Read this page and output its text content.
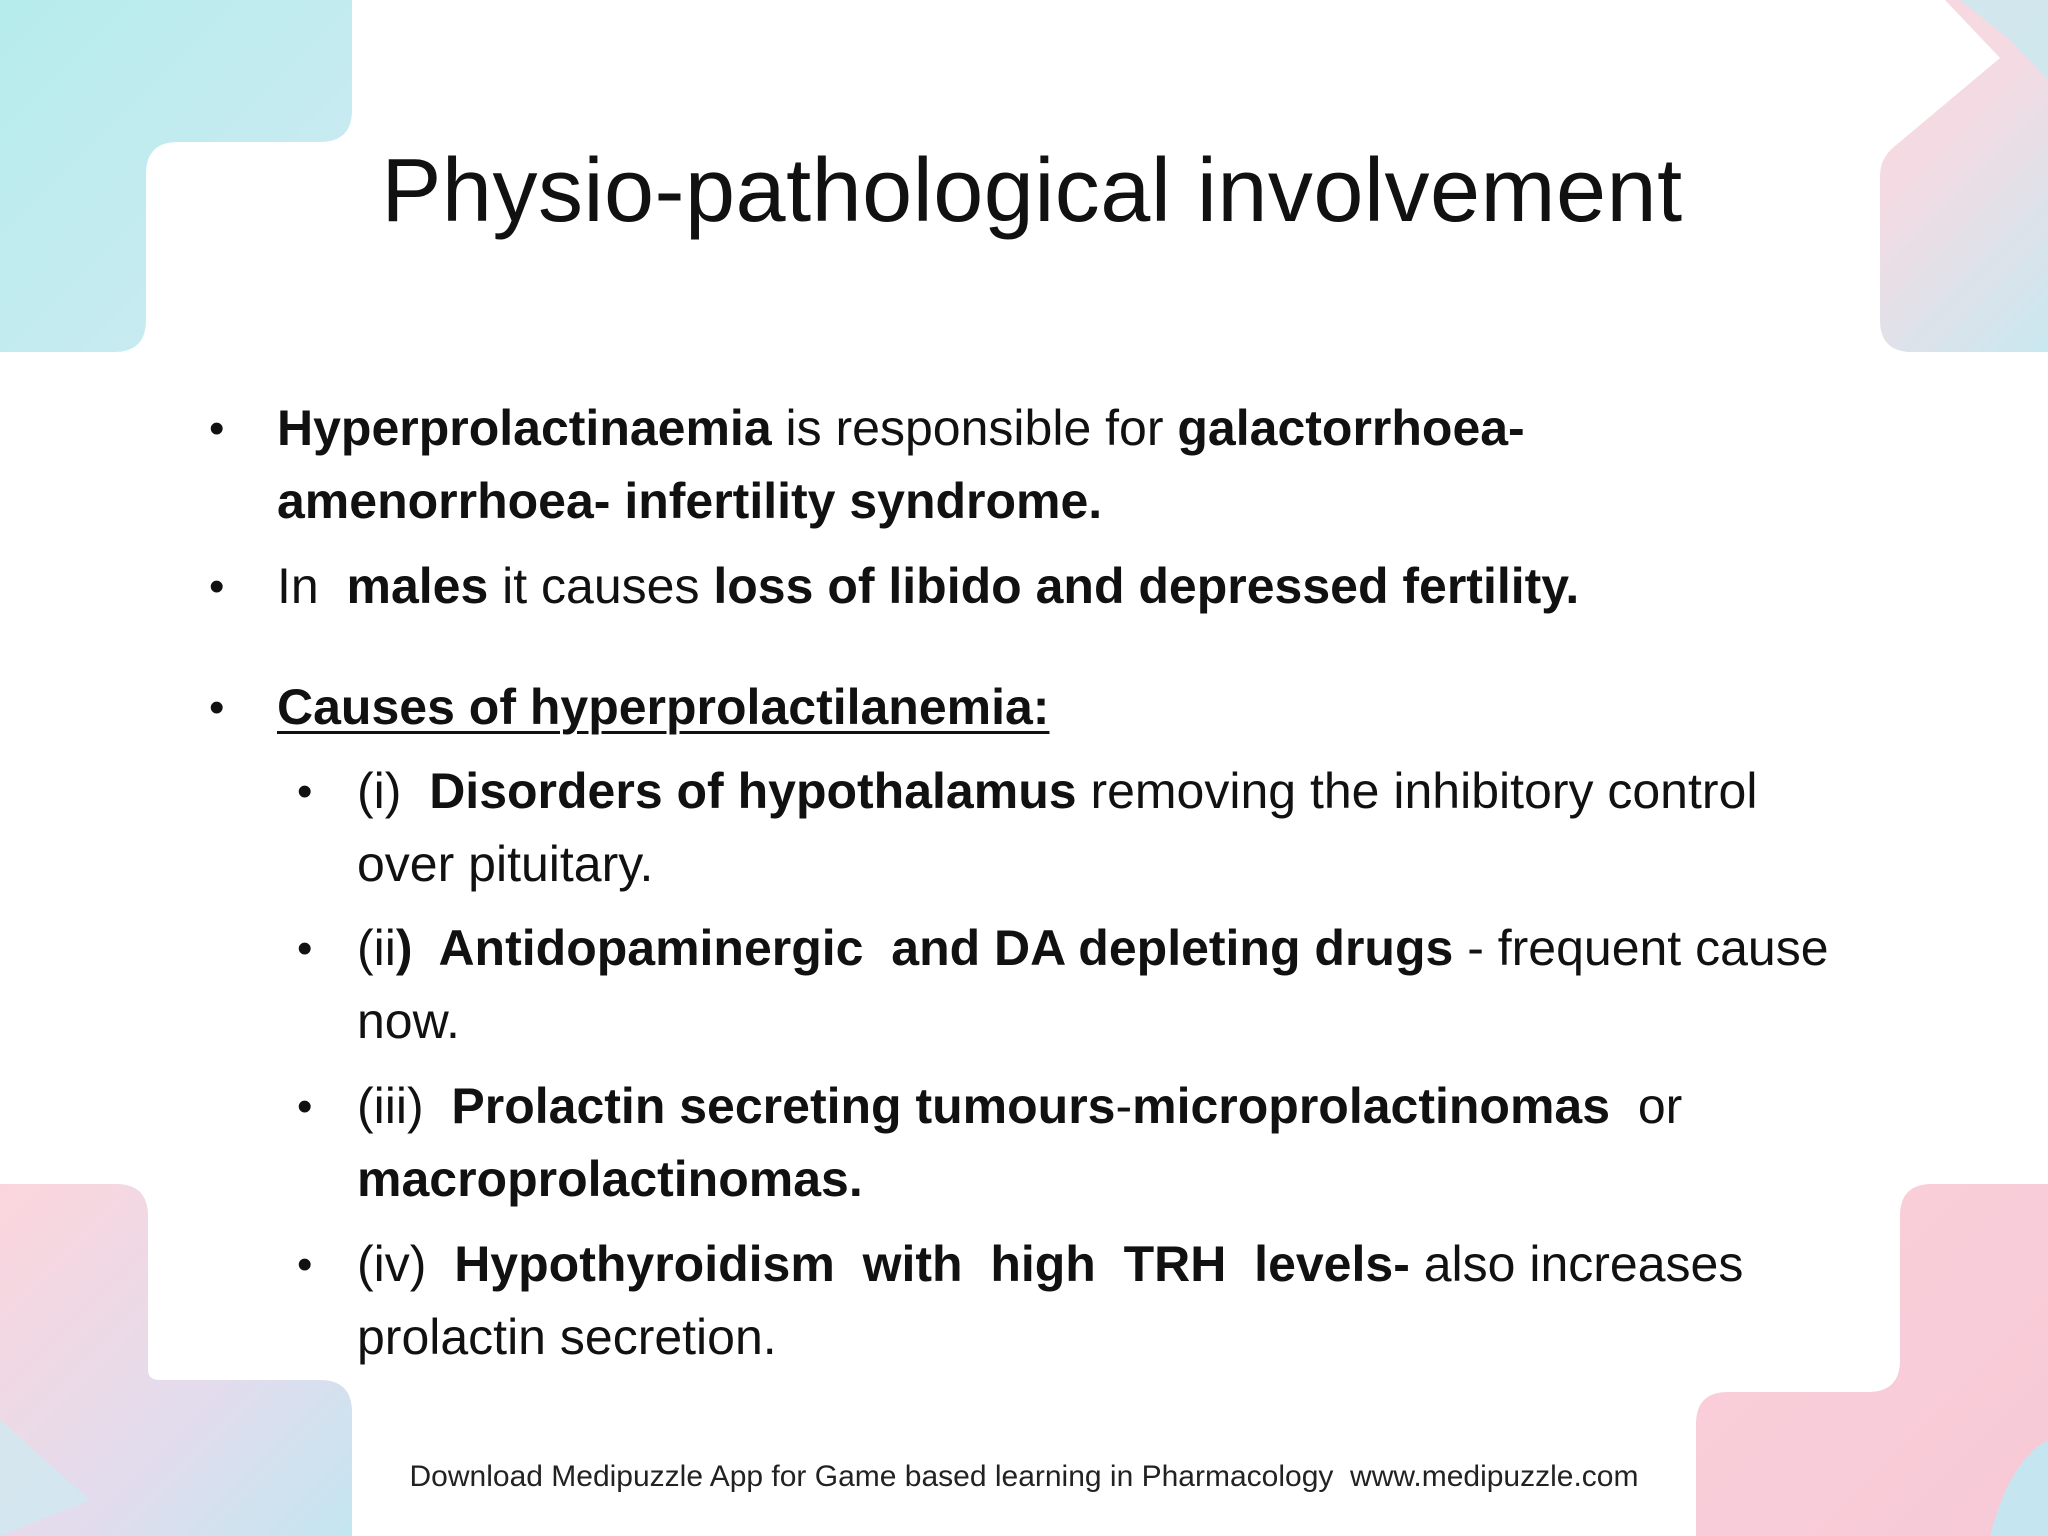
Physio-pathological involvement
• Hyperprolactinaemia is responsible for galactorrhoea- amenorrhoea- infertility syndrome.
• In  males it causes loss of libido and depressed fertility.
• Causes of hyperprolactilanemia:
• (i)  Disorders of hypothalamus removing the inhibitory control over pituitary.
• (ii)  Antidopaminergic  and DA depleting drugs - frequent cause now.
• (iii)  Prolactin secreting tumours-microprolactinomas  or macroprolactinomas.
• (iv)  Hypothyroidism  with  high  TRH  levels- also increases prolactin secretion.
Download Medipuzzle App for Game based learning in Pharmacology  www.medipuzzle.com
